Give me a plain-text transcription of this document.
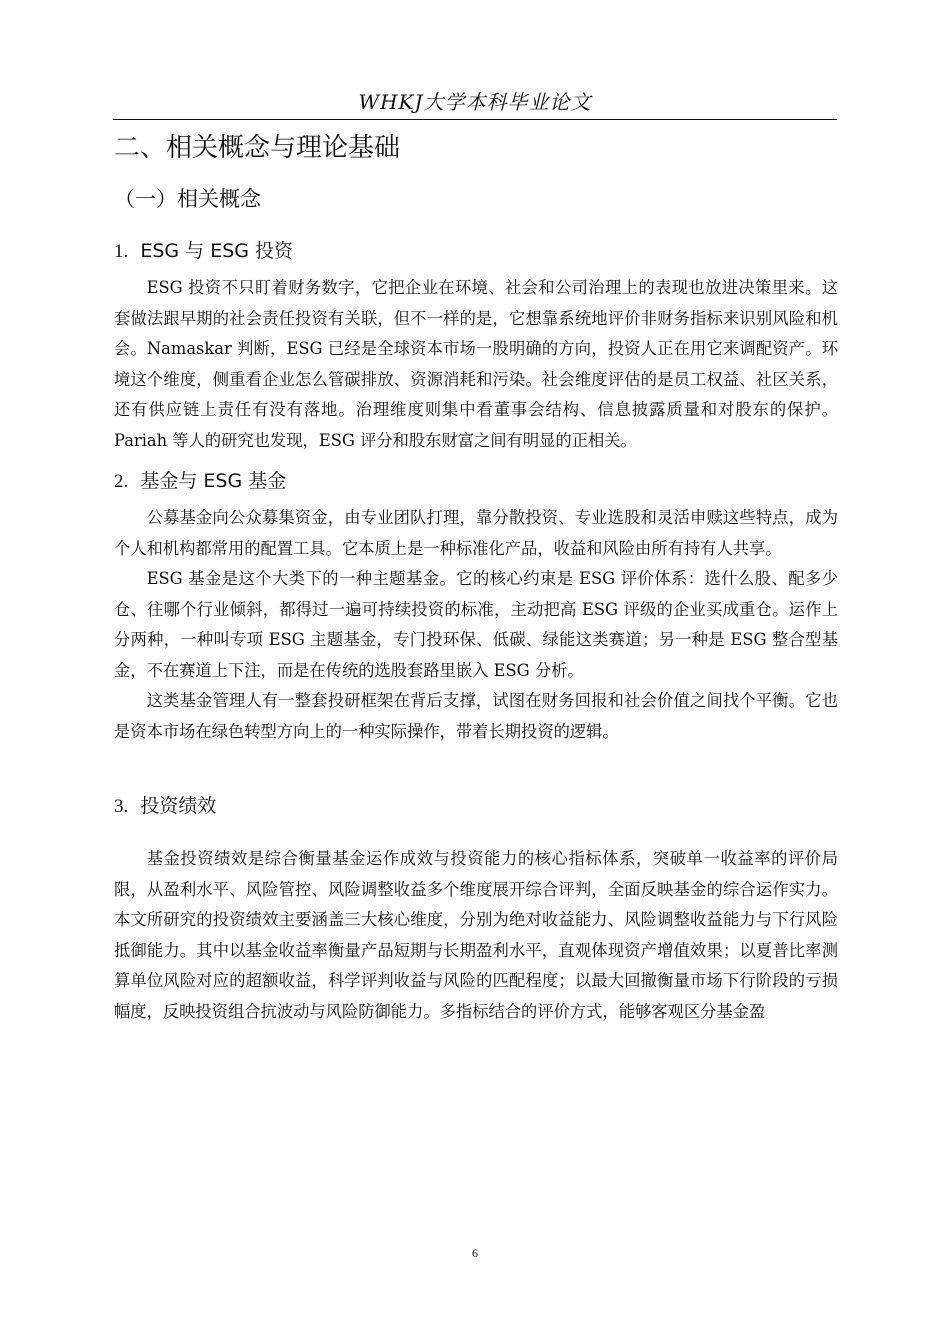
WHKJ大学本科毕业论文
二、相关概念与理论基础
（一）相关概念
1. ESG 与 ESG 投资

ESG 投资不只盯着财务数字，它把企业在环境、社会和公司治理上的表现也放进决策里来。这套做法跟早期的社会责任投资有关联，但不一样的是，它想靠系统地评价非财务指标来识别风险和机会。Namaskar 判断，ESG 已经是全球资本市场一股明确的方向，投资人正在用它来调配资产。环境这个维度，侧重看企业怎么管碳排放、资源消耗和污染。社会维度评估的是员工权益、社区关系，还有供应链上责任有没有落地。治理维度则集中看董事会结构、信息披露质量和对股东的保护。Pariah 等人的研究也发现，ESG 评分和股东财富之间有明显的正相关。

2. 基金与 ESG 基金

公募基金向公众募集资金，由专业团队打理，靠分散投资、专业选股和灵活申赎这些特点，成为个人和机构都常用的配置工具。它本质上是一种标准化产品，收益和风险由所有持有人共享。

ESG 基金是这个大类下的一种主题基金。它的核心约束是 ESG 评价体系：选什么股、配多少仓、往哪个行业倾斜，都得过一遍可持续投资的标准，主动把高 ESG 评级的企业买成重仓。运作上分两种，一种叫专项 ESG 主题基金，专门投环保、低碳、绿能这类赛道；另一种是 ESG 整合型基金，不在赛道上下注，而是在传统的选股套路里嵌入 ESG 分析。

这类基金管理人有一整套投研框架在背后支撑，试图在财务回报和社会价值之间找个平衡。它也是资本市场在绿色转型方向上的一种实际操作，带着长期投资的逻辑。

3. 投资绩效

基金投资绩效是综合衡量基金运作成效与投资能力的核心指标体系，突破单一收益率的评价局限，从盈利水平、风险管控、风险调整收益多个维度展开综合评判，全面反映基金的综合运作实力。本文所研究的投资绩效主要涵盖三大核心维度，分别为绝对收益能力、风险调整收益能力与下行风险抵御能力。其中以基金收益率衡量产品短期与长期盈利水平，直观体现资产增值效果；以夏普比率测算单位风险对应的超额收益，科学评判收益与风险的匹配程度；以最大回撤衡量市场下行阶段的亏损幅度，反映投资组合抗波动与风险防御能力。多指标结合的评价方式，能够客观区分基金盈

6
